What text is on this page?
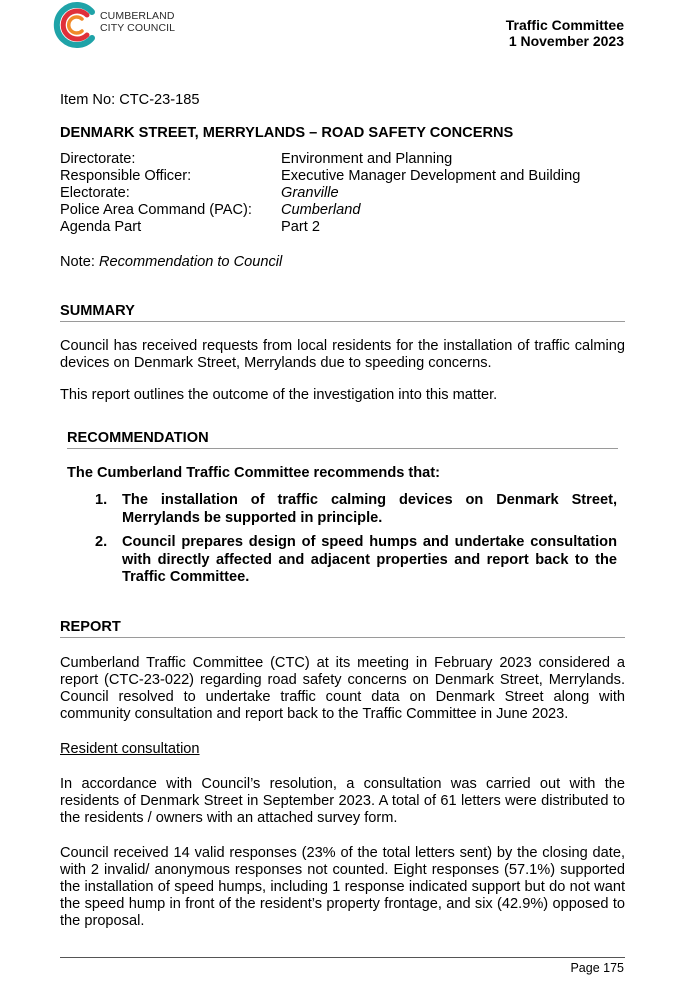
CUMBERLAND
CITY COUNCIL	Traffic Committee
1 November 2023
Item No: CTC-23-185
DENMARK STREET, MERRYLANDS – ROAD SAFETY CONCERNS
Directorate:	Environment and Planning
Responsible Officer:	Executive Manager Development and Building
Electorate:	Granville
Police Area Command (PAC):	Cumberland
Agenda Part	Part 2
Note: Recommendation to Council
SUMMARY
Council has received requests from local residents for the installation of traffic calming devices on Denmark Street, Merrylands due to speeding concerns.
This report outlines the outcome of the investigation into this matter.
RECOMMENDATION
The Cumberland Traffic Committee recommends that:
1.	The installation of traffic calming devices on Denmark Street, Merrylands be supported in principle.
2.	Council prepares design of speed humps and undertake consultation with directly affected and adjacent properties and report back to the Traffic Committee.
REPORT
Cumberland Traffic Committee (CTC) at its meeting in February 2023 considered a report (CTC-23-022) regarding road safety concerns on Denmark Street, Merrylands. Council resolved to undertake traffic count data on Denmark Street along with community consultation and report back to the Traffic Committee in June 2023.
Resident consultation
In accordance with Council’s resolution, a consultation was carried out with the residents of Denmark Street in September 2023. A total of 61 letters were distributed to the residents / owners with an attached survey form.
Council received 14 valid responses (23% of the total letters sent) by the closing date, with 2 invalid/ anonymous responses not counted. Eight responses (57.1%) supported the installation of speed humps, including 1 response indicated support but do not want the speed hump in front of the resident’s property frontage, and six (42.9%) opposed to the proposal.
Page 175
